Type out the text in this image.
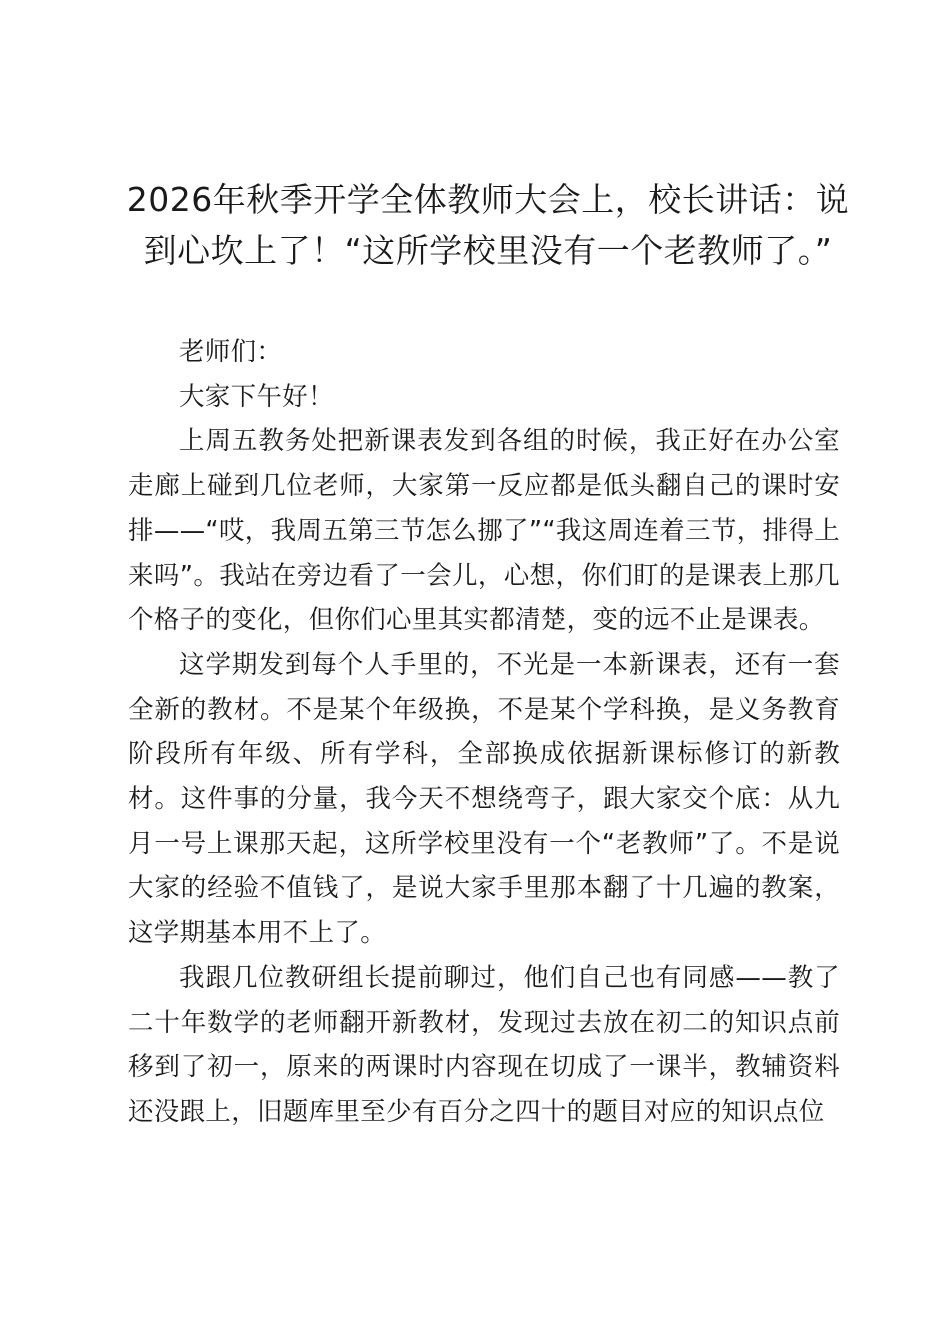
2026年秋季开学全体教师大会上，校长讲话：说到心坎上了！“这所学校里没有一个老教师了。”

老师们：

大家下午好！

上周五教务处把新课表发到各组的时候，我正好在办公室走廊上碰到几位老师，大家第一反应都是低头翻自己的课时安排——“哎，我周五第三节怎么挪了”“我这周连着三节，排得上来吗”。我站在旁边看了一会儿，心想，你们盯的是课表上那几个格子的变化，但你们心里其实都清楚，变的远不止是课表。

这学期发到每个人手里的，不光是一本新课表，还有一套全新的教材。不是某个年级换，不是某个学科换，是义务教育阶段所有年级、所有学科，全部换成依据新课标修订的新教材。这件事的分量，我今天不想绕弯子，跟大家交个底：从九月一号上课那天起，这所学校里没有一个“老教师”了。不是说大家的经验不值钱了，是说大家手里那本翻了十几遍的教案，这学期基本用不上了。

我跟几位教研组长提前聊过，他们自己也有同感——教了二十年数学的老师翻开新教材，发现过去放在初二的知识点前移到了初一，原来的两课时内容现在切成了一课半，教辅资料还没跟上，旧题库里至少有百分之四十的题目对应的知识点位
